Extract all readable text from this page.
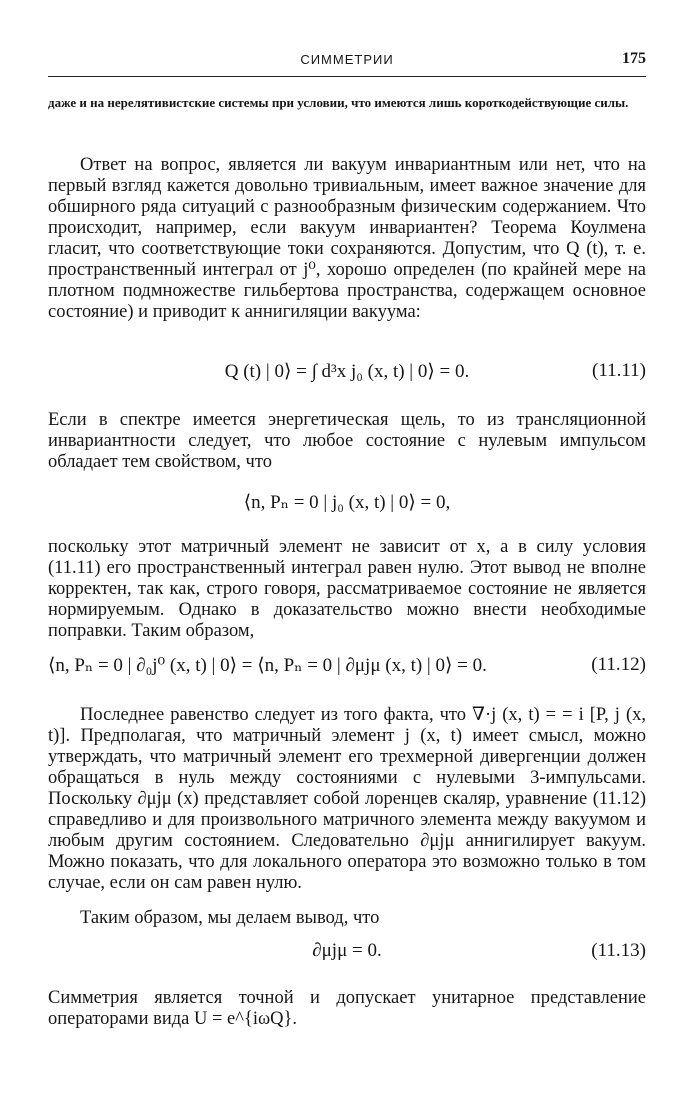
СИММЕТРИИ	175
даже и на нерелятивистские системы при условии, что имеются лишь короткодействующие силы.
Ответ на вопрос, является ли вакуум инвариантным или нет, что на первый взгляд кажется довольно тривиальным, имеет важное значение для обширного ряда ситуаций с разнообразным физическим содержанием. Что происходит, например, если вакуум инвариантен? Теорема Коулмена гласит, что соответствующие токи сохраняются. Допустим, что Q (t), т. е. пространственный интеграл от j⁰, хорошо определен (по крайней мере на плотном подмножестве гильбертова пространства, содержащем основное состояние) и приводит к аннигиляции вакуума:
Q (t) | 0⟩ = ∫ d³x j₀ (x, t) | 0⟩ = 0.	(11.11)
Если в спектре имеется энергетическая щель, то из трансляционной инвариантности следует, что любое состояние с нулевым импульсом обладает тем свойством, что
⟨n, Pₙ = 0 | j₀ (x, t) | 0⟩ = 0,
поскольку этот матричный элемент не зависит от x, а в силу условия (11.11) его пространственный интеграл равен нулю. Этот вывод не вполне корректен, так как, строго говоря, рассматриваемое состояние не является нормируемым. Однако в доказательство можно внести необходимые поправки. Таким образом,
⟨n, Pₙ = 0 | ∂₀j⁰ (x, t) | 0⟩ = ⟨n, Pₙ = 0 | ∂μjμ (x, t) | 0⟩ = 0.	(11.12)
Последнее равенство следует из того факта, что ∇·j (x, t) = = i [P, j (x, t)]. Предполагая, что матричный элемент j (x, t) имеет смысл, можно утверждать, что матричный элемент его трехмерной дивергенции должен обращаться в нуль между состояниями с нулевыми 3-импульсами. Поскольку ∂μjμ (x) представляет собой лоренцев скаляр, уравнение (11.12) справедливо и для произвольного матричного элемента между вакуумом и любым другим состоянием. Следовательно ∂μjμ аннигилирует вакуум. Можно показать, что для локального оператора это возможно только в том случае, если он сам равен нулю.
Таким образом, мы делаем вывод, что
∂μjμ = 0.	(11.13)
Симметрия является точной и допускает унитарное представление операторами вида U = e^{iωQ}.
